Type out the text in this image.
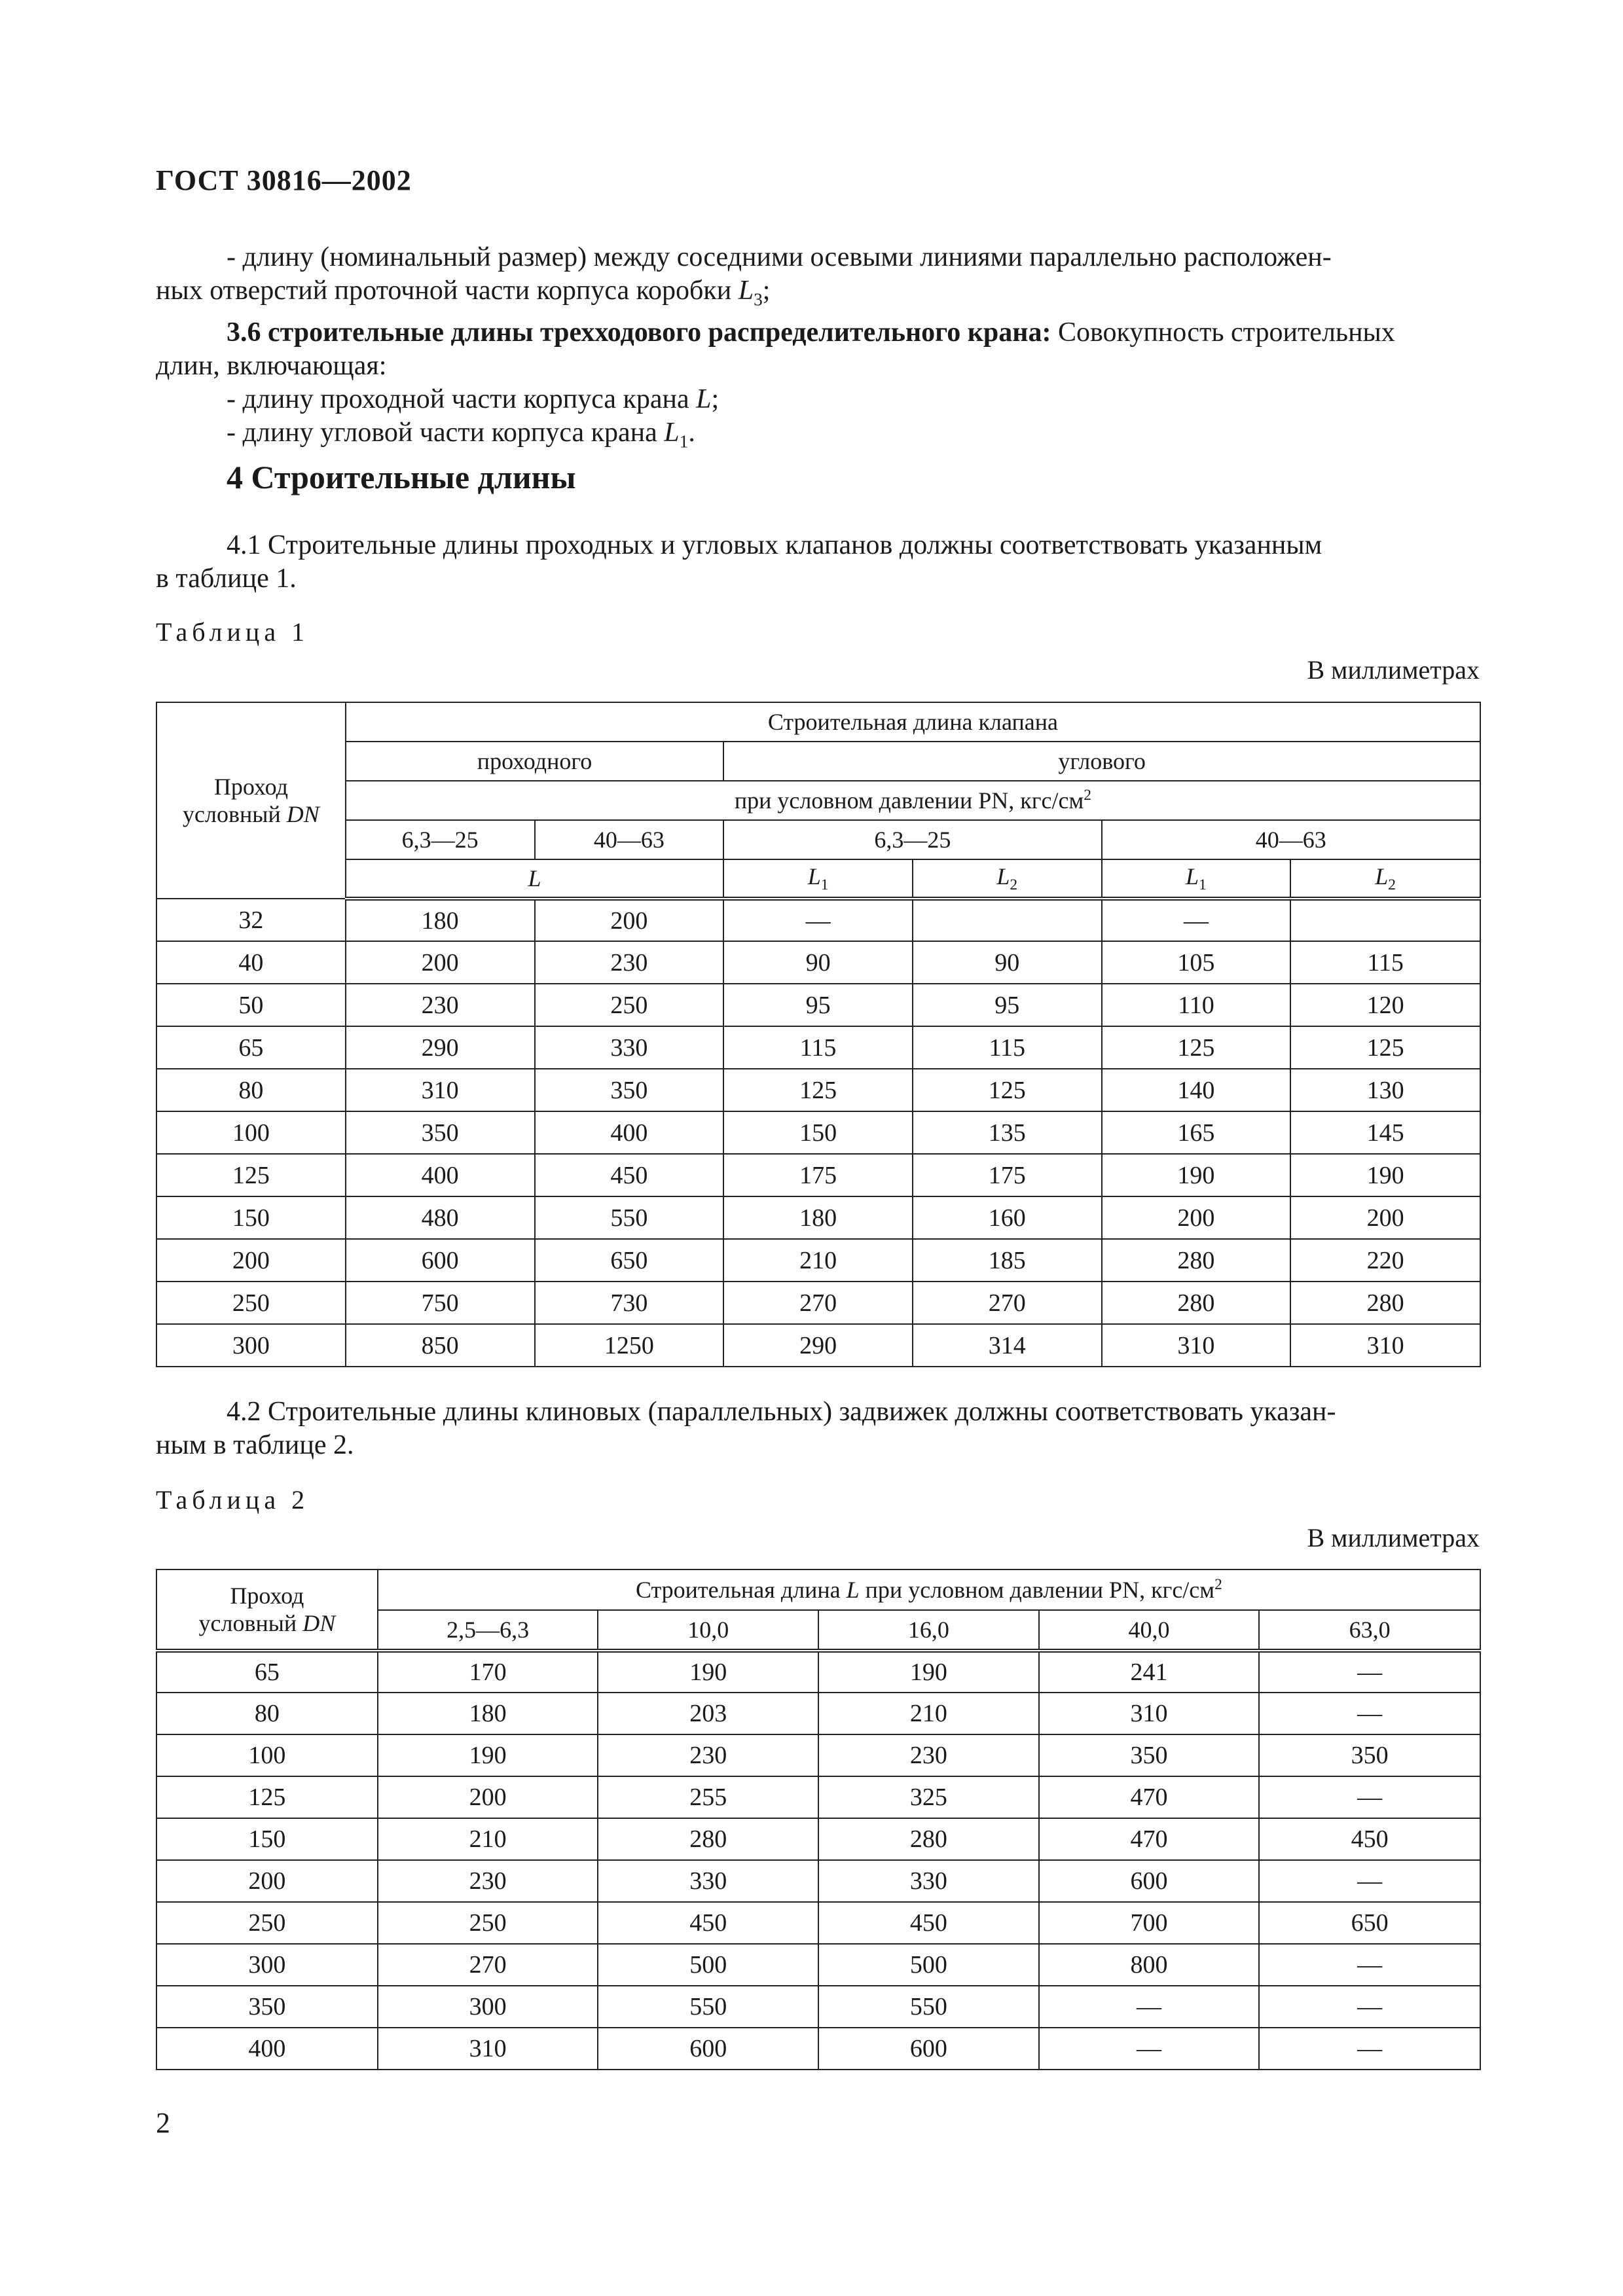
ГОСТ 30816—2002
- длину (номинальный размер) между соседними осевыми линиями параллельно расположен-
ных отверстий проточной части корпуса коробки $L_3$;
3.6 строительные длины трехходового распределительного крана: Совокупность строительных
длин, включающая:
- длину проходной части корпуса крана L;
- длину угловой части корпуса крана $L_1$.
4 Строительные длины
4.1 Строительные длины проходных и угловых клапанов должны соответствовать указанным
в таблице 1.
Таблица 1
В миллиметрах
Проход
условный DN	Строительная длина клапана					
	проходного		углового			
	при условном давлении PN, кгс/$см^2$
	6,3—25	40—63	6,3—25		40—63	
	L		$L_1$	$L_2$	$L_1$	$L_2$
32	180	200	—		—	
40	200	230	90	90	105	115
50	230	250	95	95	110	120
65	290	330	115	115	125	125
80	310	350	125	125	140	130
100	350	400	150	135	165	145
125	400	450	175	175	190	190
150	480	550	180	160	200	200
200	600	650	210	185	280	220
250	750	730	270	270	280	280
300	850	1250	290	314	310	310
4.2 Строительные длины клиновых (параллельных) задвижек должны соответствовать указан-
ным в таблице 2.
Таблица 2
В миллиметрах
Проход
условный DN	Строительная длина L при условном давлении PN, кгс/$см^2$
	2,5—6,3	10,0	16,0	40,0	63,0
65	170	190	190	241	—
80	180	203	210	310	—
100	190	230	230	350	350
125	200	255	325	470	—
150	210	280	280	470	450
200	230	330	330	600	—
250	250	450	450	700	650
300	270	500	500	800	—
350	300	550	550	—	—
400	310	600	600	—	—
2
